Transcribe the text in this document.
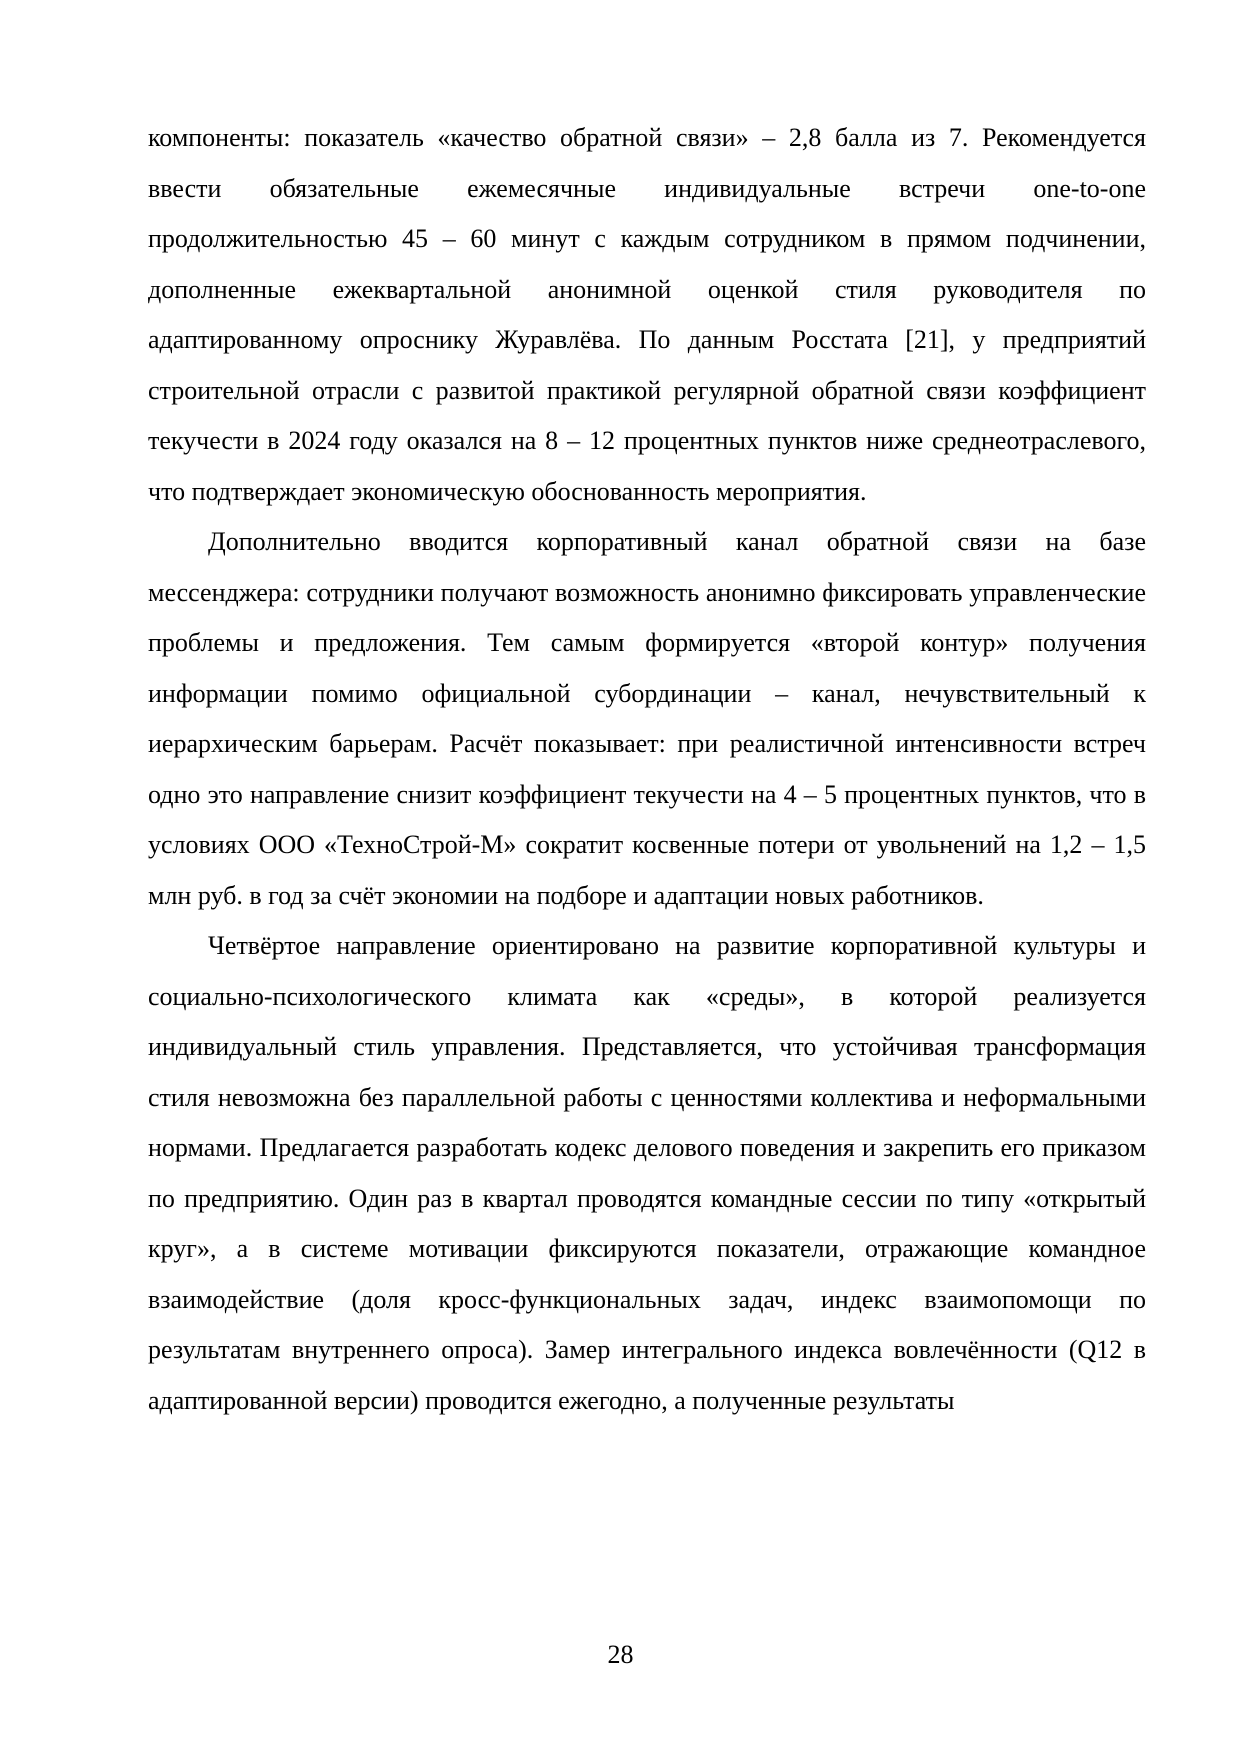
компоненты: показатель «качество обратной связи» – 2,8 балла из 7. Рекомендуется ввести обязательные ежемесячные индивидуальные встречи one-to-one продолжительностью 45 – 60 минут с каждым сотрудником в прямом подчинении, дополненные ежеквартальной анонимной оценкой стиля руководителя по адаптированному опроснику Журавлёва. По данным Росстата [21], у предприятий строительной отрасли с развитой практикой регулярной обратной связи коэффициент текучести в 2024 году оказался на 8 – 12 процентных пунктов ниже среднеотраслевого, что подтверждает экономическую обоснованность мероприятия.

Дополнительно вводится корпоративный канал обратной связи на базе мессенджера: сотрудники получают возможность анонимно фиксировать управленческие проблемы и предложения. Тем самым формируется «второй контур» получения информации помимо официальной субординации – канал, нечувствительный к иерархическим барьерам. Расчёт показывает: при реалистичной интенсивности встреч одно это направление снизит коэффициент текучести на 4 – 5 процентных пунктов, что в условиях ООО «ТехноСтрой-М» сократит косвенные потери от увольнений на 1,2 – 1,5 млн руб. в год за счёт экономии на подборе и адаптации новых работников.

Четвёртое направление ориентировано на развитие корпоративной культуры и социально-психологического климата как «среды», в которой реализуется индивидуальный стиль управления. Представляется, что устойчивая трансформация стиля невозможна без параллельной работы с ценностями коллектива и неформальными нормами. Предлагается разработать кодекс делового поведения и закрепить его приказом по предприятию. Один раз в квартал проводятся командные сессии по типу «открытый круг», а в системе мотивации фиксируются показатели, отражающие командное взаимодействие (доля кросс-функциональных задач, индекс взаимопомощи по результатам внутреннего опроса). Замер интегрального индекса вовлечённости (Q12 в адаптированной версии) проводится ежегодно, а полученные результаты

28
